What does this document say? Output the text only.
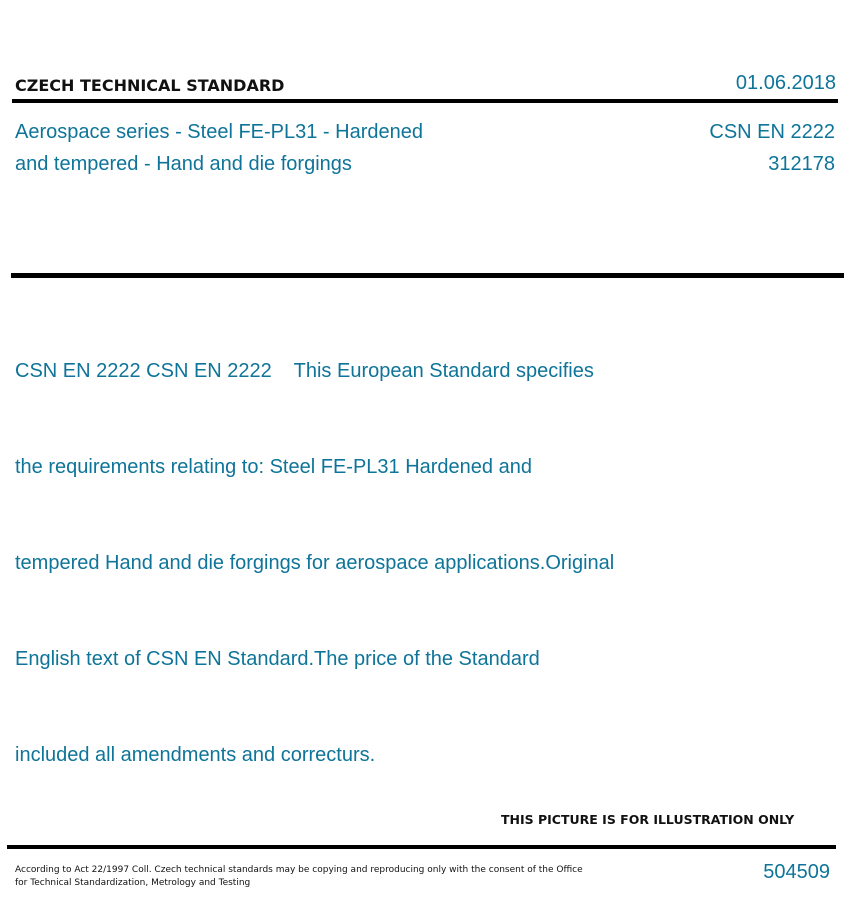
CZECH TECHNICAL STANDARD	01.06.2018
Aerospace series - Steel FE-PL31 - Hardened
and tempered - Hand and die forgings
CSN EN 2222
312178

CSN EN 2222 CSN EN 2222    This European Standard specifies

the requirements relating to: Steel FE-PL31 Hardened and

tempered Hand and die forgings for aerospace applications.Original

English text of CSN EN Standard.The price of the Standard

included all amendments and correcturs.

THIS PICTURE IS FOR ILLUSTRATION ONLY
According to Act 22/1997 Coll. Czech technical standards may be copying and reproducing only with the consent of the Office
for Technical Standardization, Metrology and Testing	504509
